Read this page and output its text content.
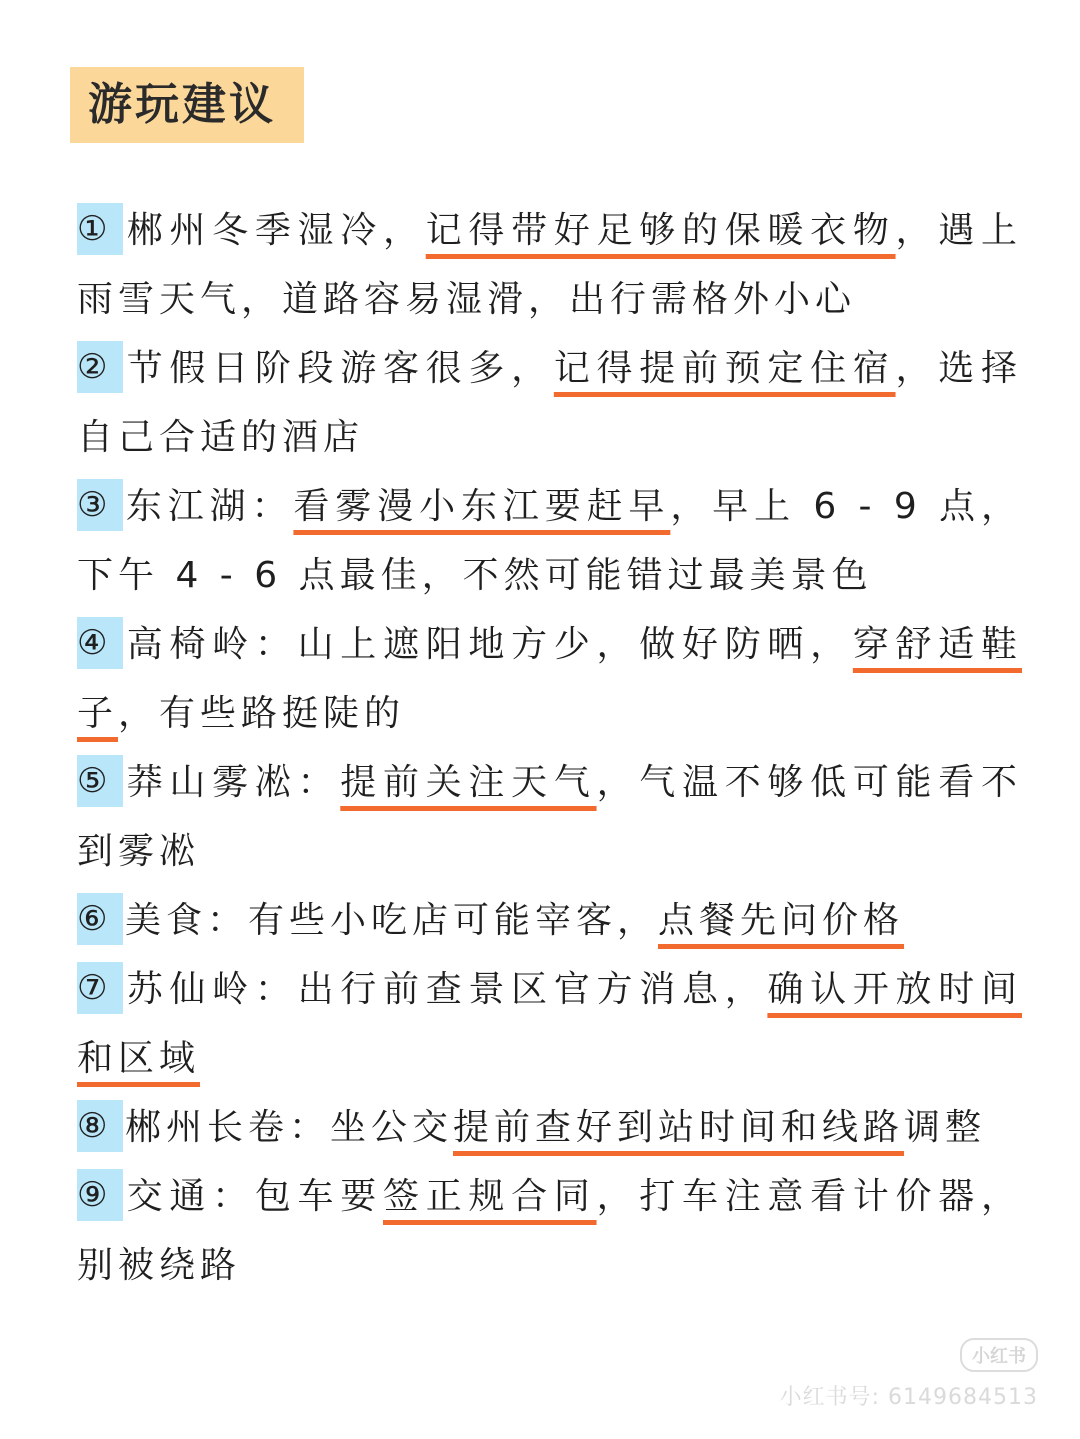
游玩建议
① 郴州冬季湿冷，记得带好足够的保暖衣物，遇上雨雪天气，道路容易湿滑，出行需格外小心
② 节假日阶段游客很多，记得提前预定住宿，选择自己合适的酒店
③ 东江湖：看雾漫小东江要赶早，早上 6 - 9 点，下午 4 - 6 点最佳，不然可能错过最美景色
④ 高椅岭：山上遮阳地方少，做好防晒，穿舒适鞋子，有些路挺陡的
⑤ 莽山雾凇：提前关注天气，气温不够低可能看不到雾凇
⑥ 美食：有些小吃店可能宰客，点餐先问价格
⑦ 苏仙岭：出行前查景区官方消息，确认开放时间和区域
⑧ 郴州长卷：坐公交提前查好到站时间和线路调整
⑨ 交通：包车要签正规合同，打车注意看计价器，别被绕路
小红书
小红书号: 6149684513
